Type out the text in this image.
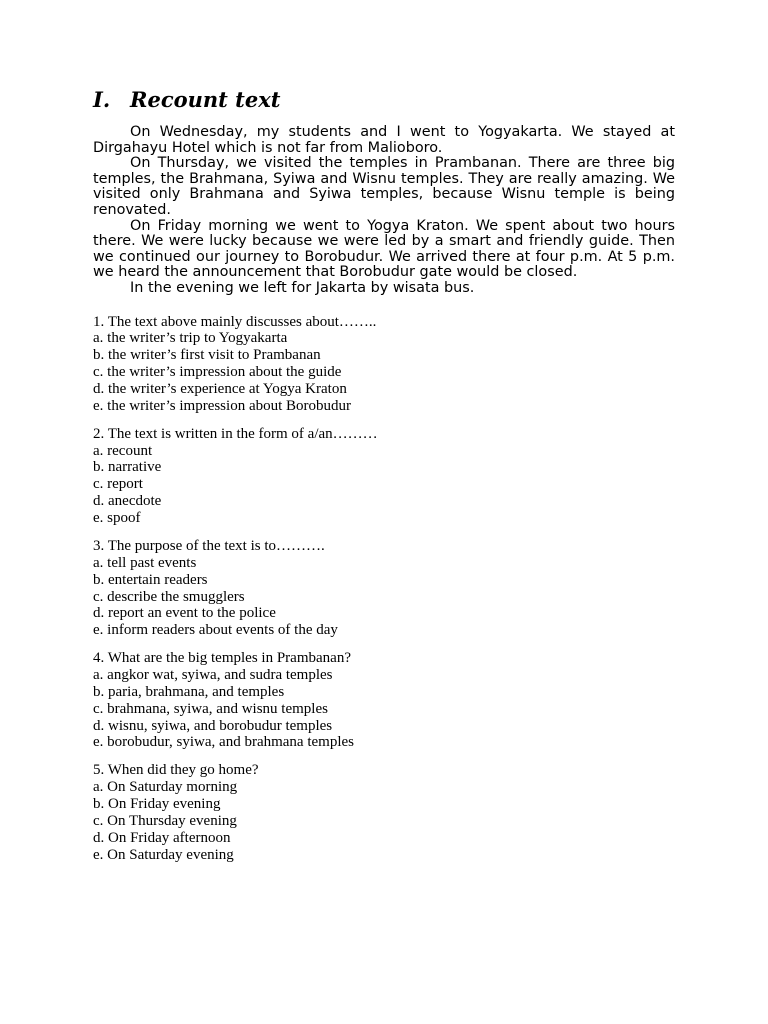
I. Recount text

On Wednesday, my students and I went to Yogyakarta. We stayed at Dirgahayu Hotel which is not far from Malioboro.

On Thursday, we visited the temples in Prambanan. There are three big temples, the Brahmana, Syiwa and Wisnu temples. They are really amazing. We visited only Brahmana and Syiwa temples, because Wisnu temple is being renovated.

On Friday morning we went to Yogya Kraton. We spent about two hours there. We were lucky because we were led by a smart and friendly guide. Then we continued our journey to Borobudur. We arrived there at four p.m. At 5 p.m. we heard the announcement that Borobudur gate would be closed.

In the evening we left for Jakarta by wisata bus.

1. The text above mainly discusses about……..
a. the writer’s trip to Yogyakarta
b. the writer’s first visit to Prambanan
c. the writer’s impression about the guide
d. the writer’s experience at Yogya Kraton
e. the writer’s impression about Borobudur
2. The text is written in the form of a/an………
a. recount
b. narrative
c. report
d. anecdote
e. spoof
3. The purpose of the text is to……….
a. tell past events
b. entertain readers
c. describe the smugglers
d. report an event to the police
e. inform readers about events of the day
4. What are the big temples in Prambanan?
a. angkor wat, syiwa, and sudra temples
b. paria, brahmana, and temples
c. brahmana, syiwa, and wisnu temples
d. wisnu, syiwa, and borobudur temples
e. borobudur, syiwa, and brahmana temples
5. When did they go home?
a. On Saturday morning
b. On Friday evening
c. On Thursday evening
d. On Friday afternoon
e. On Saturday evening
